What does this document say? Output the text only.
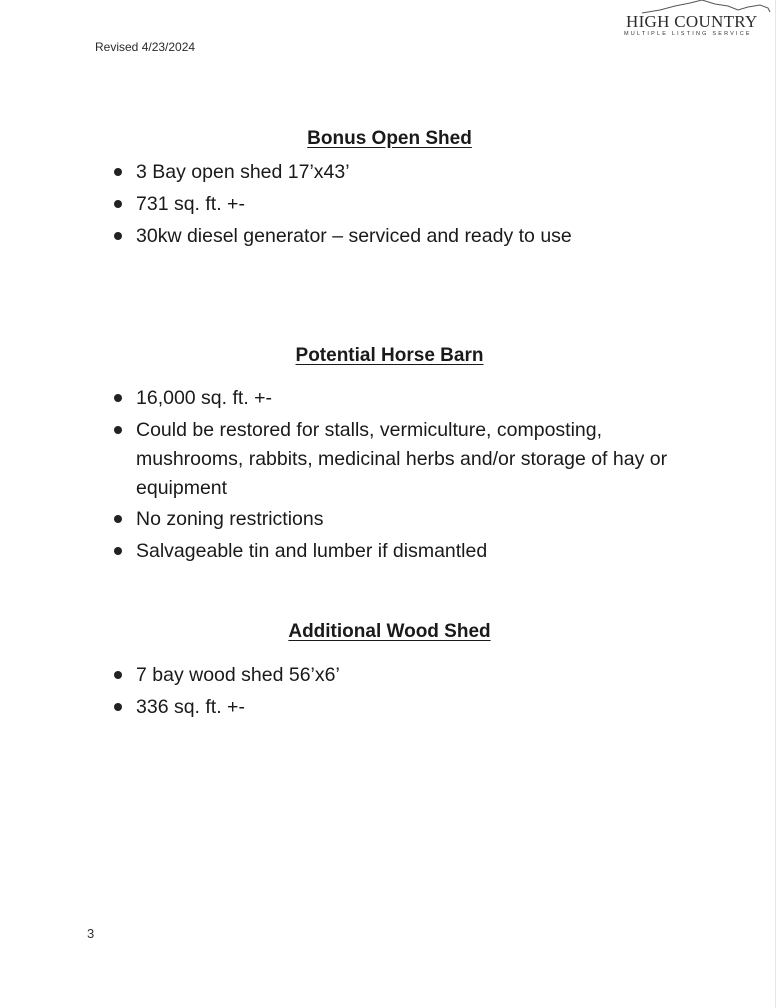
Revised 4/23/2024
HIGH COUNTRY
MULTIPLE LISTING SERVICE
Bonus Open Shed
3 Bay open shed 17’x43’
731 sq. ft. +-
30kw diesel generator – serviced and ready to use
Potential Horse Barn
16,000 sq. ft. +-
Could be restored for stalls, vermiculture, composting, mushrooms, rabbits, medicinal herbs and/or storage of hay or equipment
No zoning restrictions
Salvageable tin and lumber if dismantled
Additional Wood Shed
7 bay wood shed 56’x6’
336 sq. ft. +-
3
